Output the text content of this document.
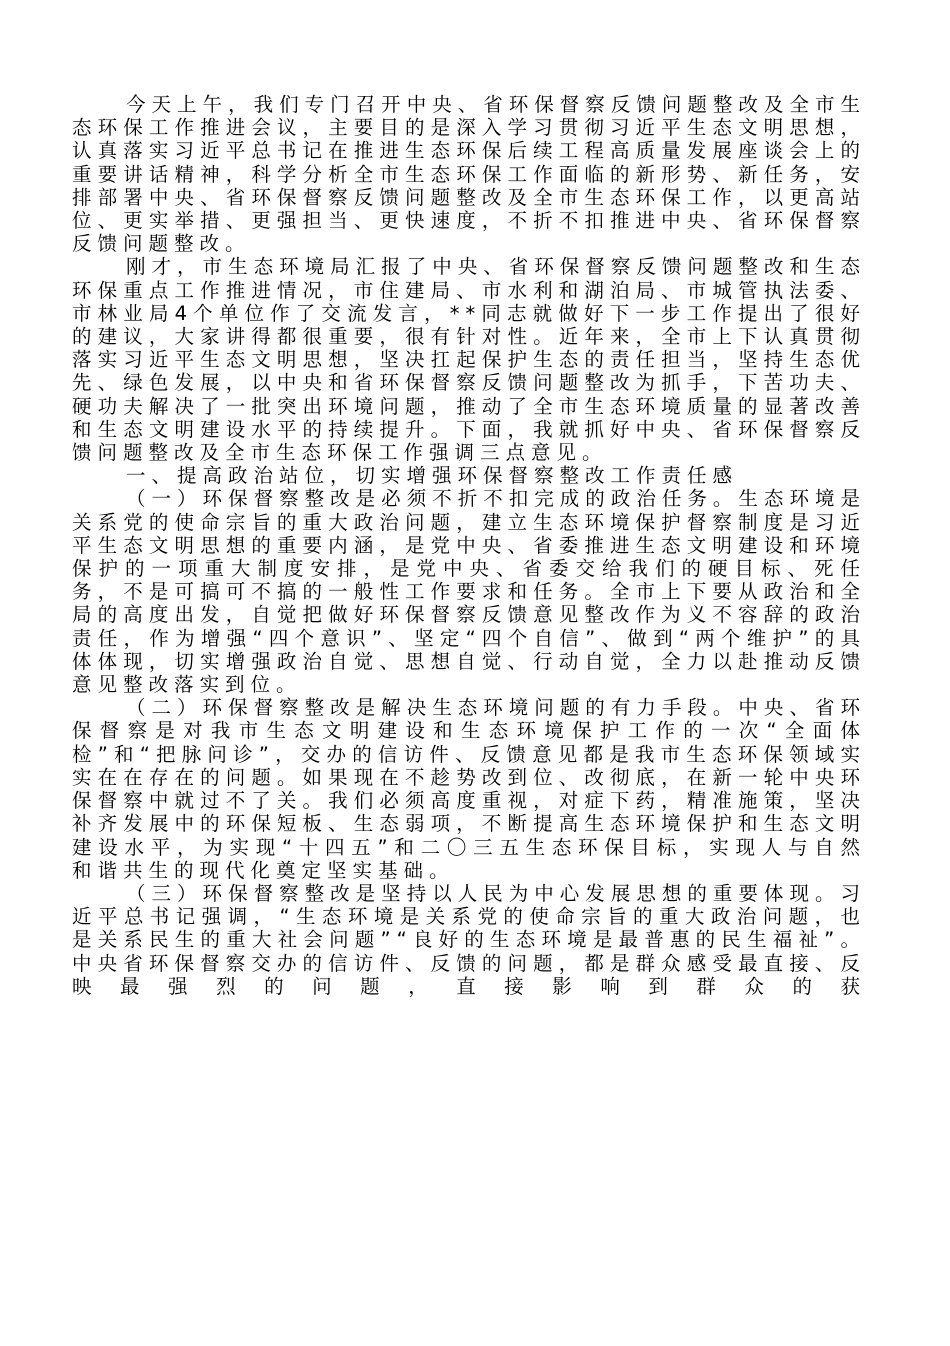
今天上午，我们专门召开中央、省环保督察反馈问题整改及全市生态环保工作推进会议，主要目的是深入学习贯彻习近平生态文明思想，认真落实习近平总书记在推进生态环保后续工程高质量发展座谈会上的重要讲话精神，科学分析全市生态环保工作面临的新形势、新任务，安排部署中央、省环保督察反馈问题整改及全市生态环保工作，以更高站位、更实举措、更强担当、更快速度，不折不扣推进中央、省环保督察反馈问题整改。

刚才，市生态环境局汇报了中央、省环保督察反馈问题整改和生态环保重点工作推进情况，市住建局、市水利和湖泊局、市城管执法委、市林业局4个单位作了交流发言，**同志就做好下一步工作提出了很好的建议，大家讲得都很重要，很有针对性。近年来，全市上下认真贯彻落实习近平生态文明思想，坚决扛起保护生态的责任担当，坚持生态优先、绿色发展，以中央和省环保督察反馈问题整改为抓手，下苦功夫、硬功夫解决了一批突出环境问题，推动了全市生态环境质量的显著改善和生态文明建设水平的持续提升。下面，我就抓好中央、省环保督察反馈问题整改及全市生态环保工作强调三点意见。

一、提高政治站位，切实增强环保督察整改工作责任感

（一）环保督察整改是必须不折不扣完成的政治任务。生态环境是关系党的使命宗旨的重大政治问题，建立生态环境保护督察制度是习近平生态文明思想的重要内涵，是党中央、省委推进生态文明建设和环境保护的一项重大制度安排，是党中央、省委交给我们的硬目标、死任务，不是可搞可不搞的一般性工作要求和任务。全市上下要从政治和全局的高度出发，自觉把做好环保督察反馈意见整改作为义不容辞的政治责任，作为增强“四个意识”、坚定“四个自信”、做到“两个维护”的具体体现，切实增强政治自觉、思想自觉、行动自觉，全力以赴推动反馈意见整改落实到位。

（二）环保督察整改是解决生态环境问题的有力手段。中央、省环保督察是对我市生态文明建设和生态环境保护工作的一次“全面体检”和“把脉问诊”，交办的信访件、反馈意见都是我市生态环保领域实实在在存在的问题。如果现在不趁势改到位、改彻底，在新一轮中央环保督察中就过不了关。我们必须高度重视，对症下药，精准施策，坚决补齐发展中的环保短板、生态弱项，不断提高生态环境保护和生态文明建设水平，为实现“十四五”和二〇三五生态环保目标，实现人与自然和谐共生的现代化奠定坚实基础。

（三）环保督察整改是坚持以人民为中心发展思想的重要体现。习近平总书记强调，“生态环境是关系党的使命宗旨的重大政治问题，也是关系民生的重大社会问题”“良好的生态环境是最普惠的民生福祉”。中央省环保督察交办的信访件、反馈的问题，都是群众感受最直接、反映最强烈的问题，直接影响到群众的获
